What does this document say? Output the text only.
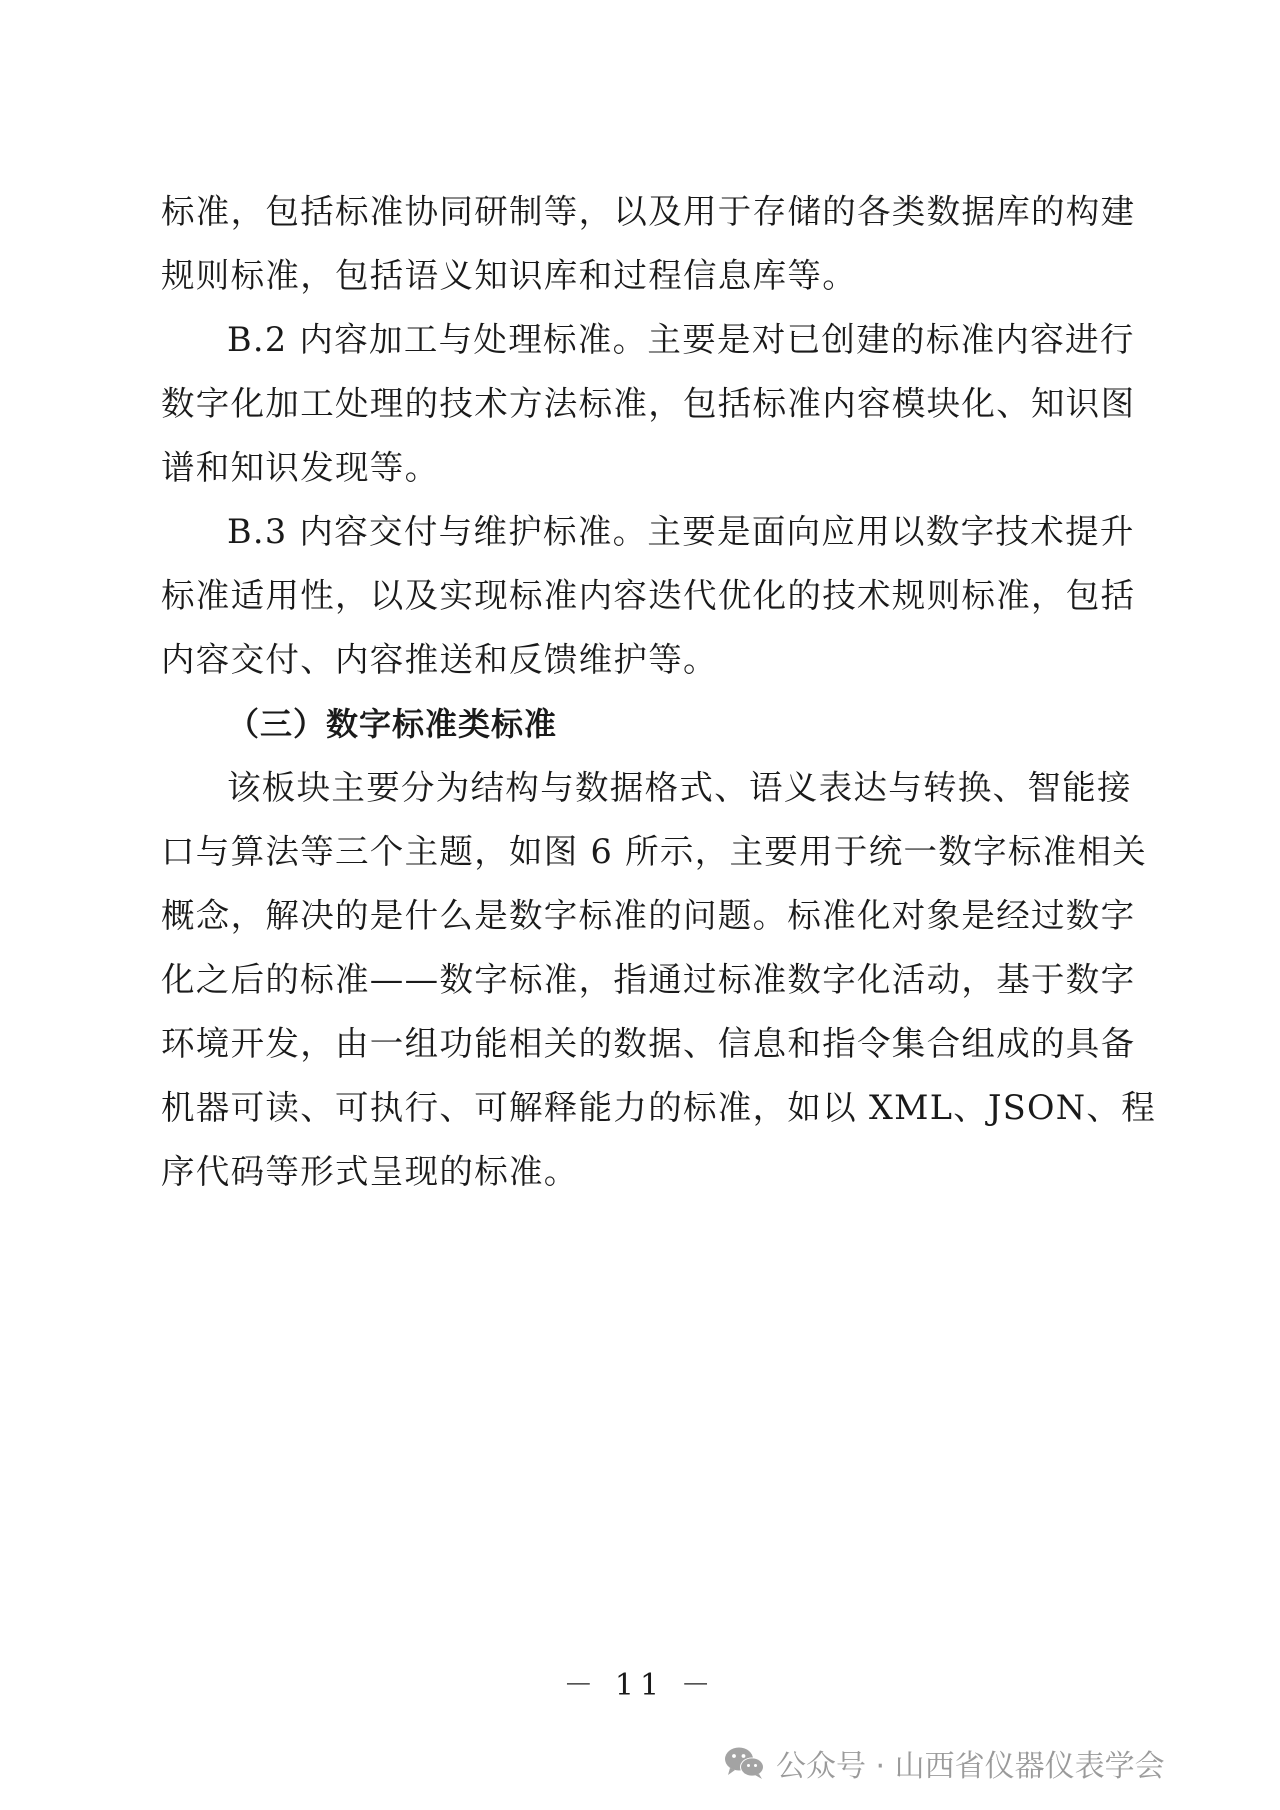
标准，包括标准协同研制等，以及用于存储的各类数据库的构建
规则标准，包括语义知识库和过程信息库等。
B.2 内容加工与处理标准。主要是对已创建的标准内容进行
数字化加工处理的技术方法标准，包括标准内容模块化、知识图
谱和知识发现等。
B.3 内容交付与维护标准。主要是面向应用以数字技术提升
标准适用性，以及实现标准内容迭代优化的技术规则标准，包括
内容交付、内容推送和反馈维护等。
（三）数字标准类标准
该板块主要分为结构与数据格式、语义表达与转换、智能接
口与算法等三个主题，如图 6 所示，主要用于统一数字标准相关
概念，解决的是什么是数字标准的问题。标准化对象是经过数字
化之后的标准——数字标准，指通过标准数字化活动，基于数字
环境开发，由一组功能相关的数据、信息和指令集合组成的具备
机器可读、可执行、可解释能力的标准，如以 XML、JSON、程
序代码等形式呈现的标准。
－ 11 －
公众号 · 山西省仪器仪表学会
